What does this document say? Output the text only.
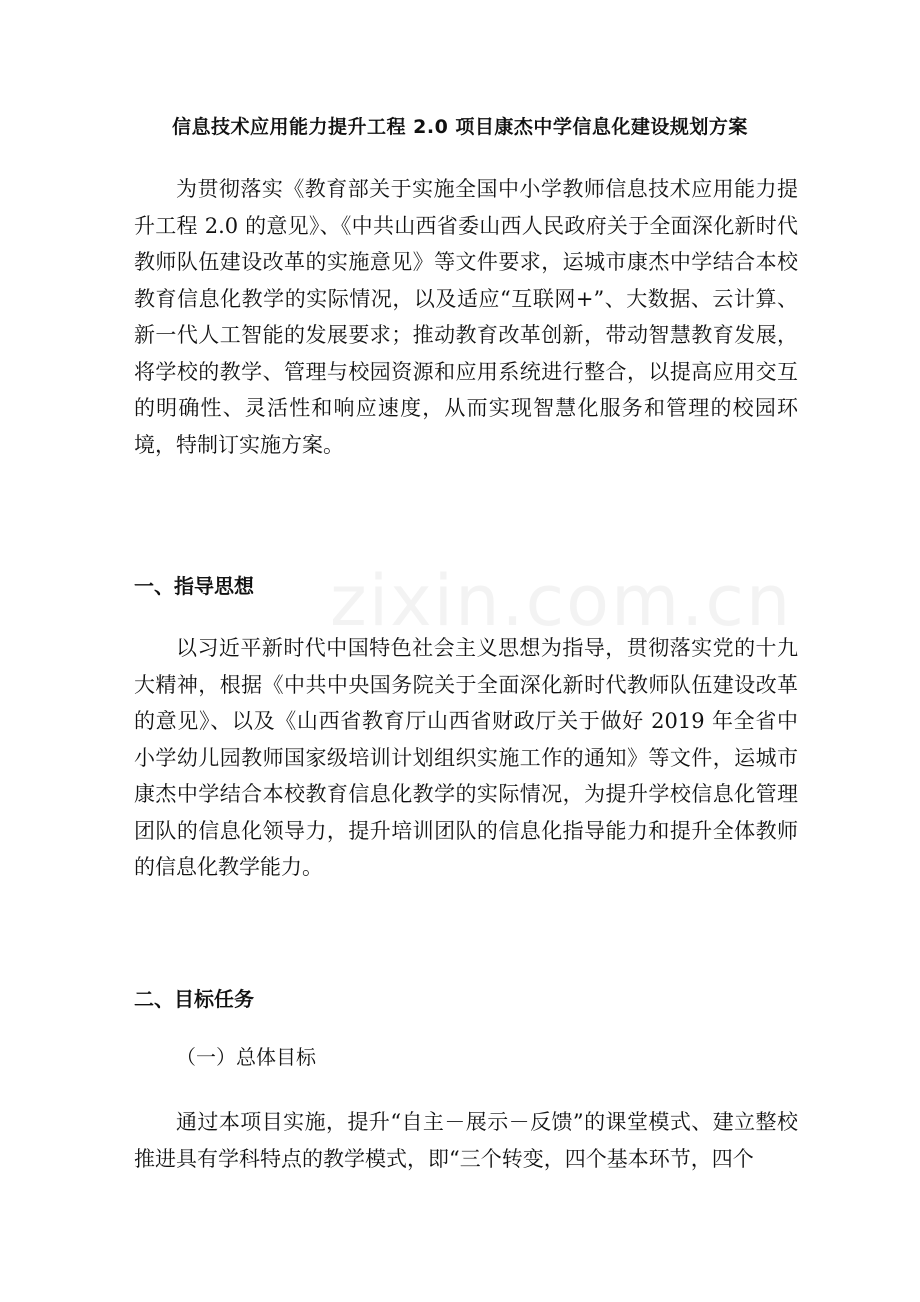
zixin.com.cn
信息技术应用能力提升工程 2.0 项目康杰中学信息化建设规划方案
为贯彻落实《教育部关于实施全国中小学教师信息技术应用能力提升工程 2.0 的意见》、《中共山西省委山西人民政府关于全面深化新时代教师队伍建设改革的实施意见》等文件要求，运城市康杰中学结合本校教育信息化教学的实际情况，以及适应“互联网+”、大数据、云计算、新一代人工智能的发展要求；推动教育改革创新，带动智慧教育发展，将学校的教学、管理与校园资源和应用系统进行整合，以提高应用交互的明确性、灵活性和响应速度，从而实现智慧化服务和管理的校园环境，特制订实施方案。
一、指导思想
以习近平新时代中国特色社会主义思想为指导，贯彻落实党的十九大精神，根据《中共中央国务院关于全面深化新时代教师队伍建设改革的意见》、以及《山西省教育厅山西省财政厅关于做好 2019 年全省中小学幼儿园教师国家级培训计划组织实施工作的通知》等文件，运城市康杰中学结合本校教育信息化教学的实际情况，为提升学校信息化管理团队的信息化领导力，提升培训团队的信息化指导能力和提升全体教师的信息化教学能力。
二、目标任务
（一）总体目标
通过本项目实施，提升“自主－展示－反馈”的课堂模式、建立整校推进具有学科特点的教学模式，即“三个转变，四个基本环节，四个
